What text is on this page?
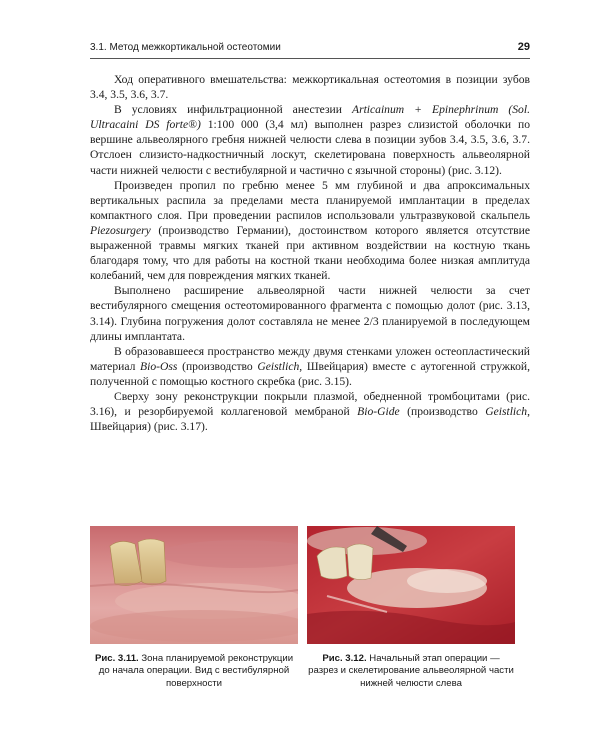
3.1. Метод межкортикальной остеотомии	29

Ход оперативного вмешательства: межкортикальная остеотомия в позиции зубов 3.4, 3.5, 3.6, 3.7.

В условиях инфильтрационной анестезии Articainum + Epinephrinum (Sol. Ultracaini DS forte®) 1:100 000 (3,4 мл) выполнен разрез слизистой оболочки по вершине альвеолярного гребня нижней челюсти слева в позиции зубов 3.4, 3.5, 3.6, 3.7. Отслоен слизисто-надкостничный лоскут, скелетирована поверхность альвеолярной части нижней челюсти с вестибулярной и частично с язычной стороны) (рис. 3.12).

Произведен пропил по гребню менее 5 мм глубиной и два апроксимальных вертикальных распила за пределами места планируемой имплантации в пределах компактного слоя. При проведении распилов использовали ультразвуковой скальпель Piezosurgery (производство Германии), достоинством которого является отсутствие выраженной травмы мягких тканей при активном воздействии на костную ткань благодаря тому, что для работы на костной ткани необходима более низкая амплитуда колебаний, чем для повреждения мягких тканей.

Выполнено расширение альвеолярной части нижней челюсти за счет вестибулярного смещения остеотомированного фрагмента с помощью долот (рис. 3.13, 3.14). Глубина погружения долот составляла не менее 2/3 планируемой в последующем длины имплантата.

В образовавшееся пространство между двумя стенками уложен остеопластический материал Bio-Oss (производство Geistlich, Швейцария) вместе с аутогенной стружкой, полученной с помощью костного скребка (рис. 3.15).

Сверху зону реконструкции покрыли плазмой, обедненной тромбоцитами (рис. 3.16), и резорбируемой коллагеновой мембраной Bio-Gide (производство Geistlich, Швейцария) (рис. 3.17).

Рис. 3.11. Зона планируемой реконструкции до начала операции. Вид с вестибулярной поверхности
Рис. 3.12. Начальный этап операции — разрез и скелетирование альвеолярной части нижней челюсти слева
